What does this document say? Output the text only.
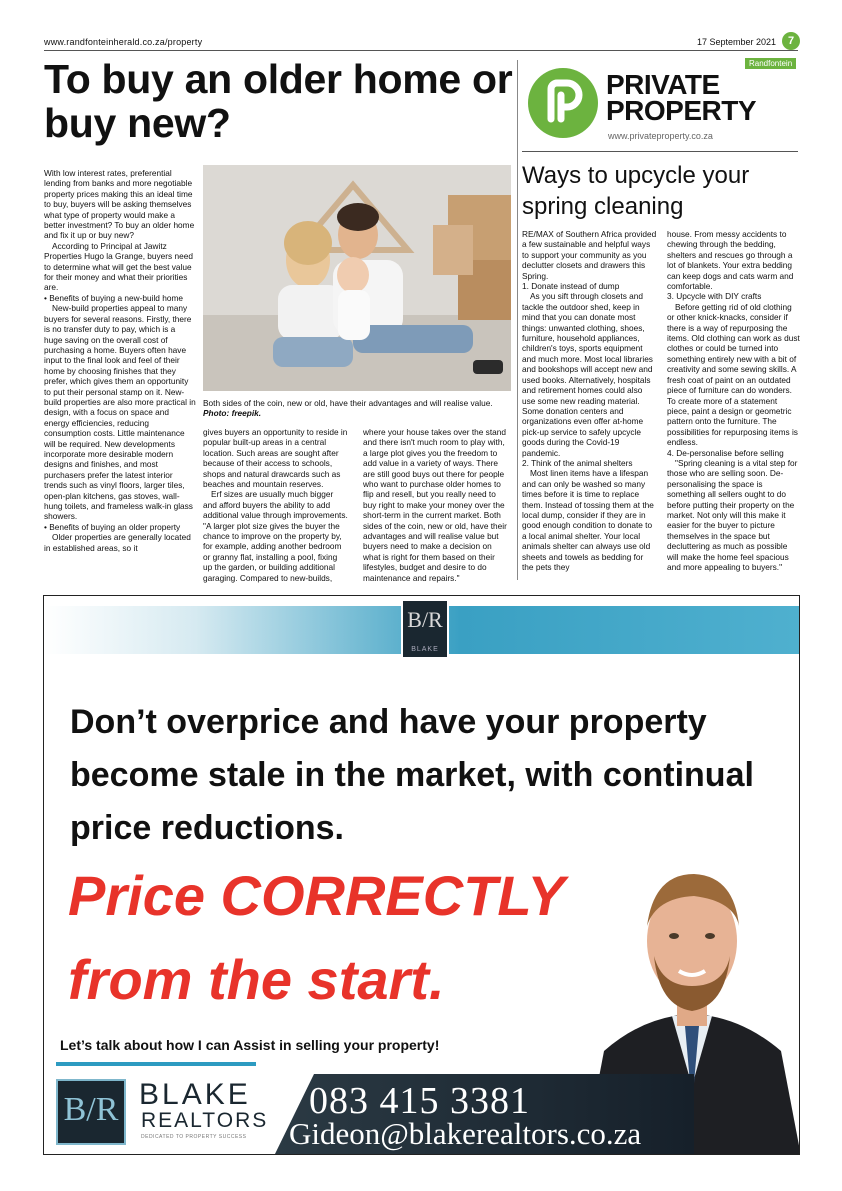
www.randfonteinherald.co.za/property	17 September 2021	7
To buy an older home or buy new?

With low interest rates, preferential lending from banks and more negotiable property prices making this an ideal time to buy, buyers will be asking themselves what type of property would make a better investment? To buy an older home and fix it up or buy new?

According to Principal at Jawitz Properties Hugo la Grange, buyers need to determine what will get the best value for their money and what their priorities are.

• Benefits of buying a new-build home

New-build properties appeal to many buyers for several reasons. Firstly, there is no transfer duty to pay, which is a huge saving on the overall cost of purchasing a home. Buyers often have input to the final look and feel of their home by choosing finishes that they prefer, which gives them an opportunity to put their personal stamp on it. New-build properties are also more practical in design, with a focus on space and energy efficiencies, reducing consumption costs. Little maintenance will be required. New developments incorporate more desirable modern designs and finishes, and most purchasers prefer the latest interior trends such as vinyl floors, larger tiles, open-plan kitchens, gas stoves, wall-hung toilets, and frameless walk-in glass showers.

• Benefits of buying an older property

Older properties are generally located in established areas, so it

Both sides of the coin, new or old, have their advantages and will realise value. Photo: freepik.

gives buyers an opportunity to reside in popular built-up areas in a central location. Such areas are sought after because of their access to schools, shops and natural drawcards such as beaches and mountain reserves.

Erf sizes are usually much bigger and afford buyers the ability to add additional value through improvements. "A larger plot size gives the buyer the chance to improve on the property by, for example, adding another bedroom or granny flat, installing a pool, fixing up the garden, or building additional garaging. Compared to new-builds,

where your house takes over the stand and there isn't much room to play with, a large plot gives you the freedom to add value in a variety of ways. There are still good buys out there for people who want to purchase older homes to flip and resell, but you really need to buy right to make your money over the short-term in the current market. Both sides of the coin, new or old, have their advantages and will realise value but buyers need to make a decision on what is right for them based on their lifestyles, budget and desire to do maintenance and repairs."

Randfontein
PRIVATE
PROPERTY
www.privateproperty.co.za
Ways to upcycle your spring cleaning

RE/MAX of Southern Africa provided a few sustainable and helpful ways to support your community as you declutter closets and drawers this Spring.

1. Donate instead of dump

As you sift through closets and tackle the outdoor shed, keep in mind that you can donate most things: unwanted clothing, shoes, furniture, household appliances, children's toys, sports equipment and much more. Most local libraries and bookshops will accept new and used books. Alternatively, hospitals and retirement homes could also use some new reading material. Some donation centers and organizations even offer at-home pick-up service to safely upcycle goods during the Covid-19 pandemic.

2. Think of the animal shelters

Most linen items have a lifespan and can only be washed so many times before it is time to replace them. Instead of tossing them at the local dump, consider if they are in good enough condition to donate to a local animal shelter. Your local animals shelter can always use old sheets and towels as bedding for the pets they

house. From messy accidents to chewing through the bedding, shelters and rescues go through a lot of blankets. Your extra bedding can keep dogs and cats warm and comfortable.

3. Upcycle with DIY crafts

Before getting rid of old clothing or other knick-knacks, consider if there is a way of repurposing the items. Old clothing can work as dust clothes or could be turned into something entirely new with a bit of creativity and some sewing skills. A fresh coat of paint on an outdated piece of furniture can do wonders. To create more of a statement piece, paint a design or geometric pattern onto the furniture. The possibilities for repurposing items is endless.

4. De-personalise before selling

"Spring cleaning is a vital step for those who are selling soon. De-personalising the space is something all sellers ought to do before putting their property on the market. Not only will this make it easier for the buyer to picture themselves in the space but decluttering as much as possible will make the home feel spacious and more appealing to buyers."

B/R
BLAKE
Don’t overprice and have your property become stale in the market, with continual price reductions.
Price CORRECTLY
from the start.
Let’s talk about how I can Assist in selling your property!
B/R BLAKE
REALTORS
DEDICATED TO PROPERTY SUCCESS
083 415 3381
Gideon@blakerealtors.co.za
